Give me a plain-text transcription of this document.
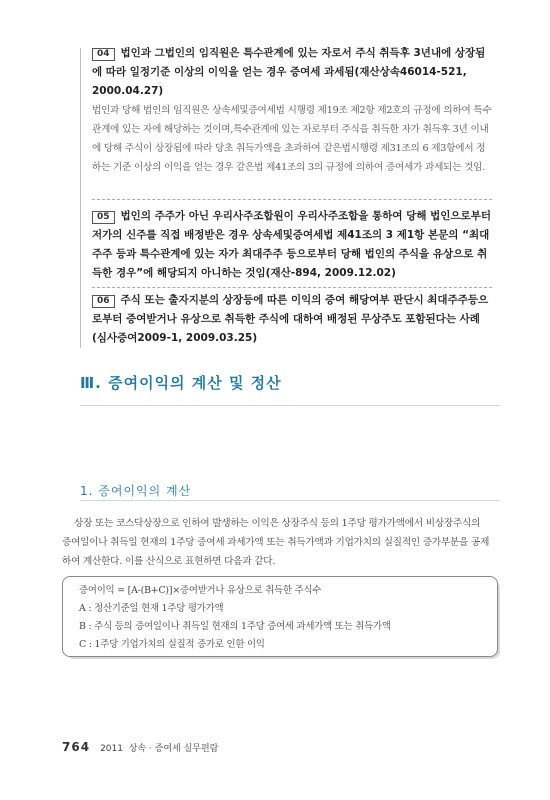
04 법인과 그법인의 임직원은 특수관계에 있는 자로서 주식 취득후 3년내에 상장됨에 따라 일정기준 이상의 이익을 얻는 경우 증여세 과세됨(재산상속46014-521, 2000.04.27)
법인과 당해 법인의 임직원은 상속세및증여세법 시행령 제19조 제2항 제2호의 규정에 의하여 특수관계에 있는 자에 해당하는 것이며,특수관계에 있는 자로부터 주식을 취득한 자가 취득후 3년 이내에 당해 주식이 상장됨에 따라 당초 취득가액을 초과하여 같은법시행령 제31조의 6 제3항에서 정하는 기준 이상의 이익을 얻는 경우 같은법 제41조의 3의 규정에 의하여 증여세가 과세되는 것임.
05 법인의 주주가 아닌 우리사주조합원이 우리사주조합을 통하여 당해 법인으로부터 저가의 신주를 직접 배정받은 경우 상속세및증여세법 제41조의 3 제1항 본문의 “최대주주 등과 특수관계에 있는 자가 최대주주 등으로부터 당해 법인의 주식을 유상으로 취득한 경우”에 해당되지 아니하는 것임(재산-894, 2009.12.02)
06 주식 또는 출자지분의 상장등에 따른 이익의 증여 해당여부 판단시 최대주주등으로부터 증여받거나 유상으로 취득한 주식에 대하여 배정된 무상주도 포함된다는 사례(심사증여2009-1, 2009.03.25)
Ⅲ. 증여이익의 계산 및 정산
1. 증여이익의 계산

상장 또는 코스닥상장으로 인하여 발생하는 이익은 상장주식 등의 1주당 평가가액에서 비상장주식의 증여일이나 취득일 현재의 1주당 증여세 과세가액 또는 취득가액과 기업가치의 실질적인 증가부분을 공제하여 계산한다. 이를 산식으로 표현하면 다음과 같다.

증여이익 = [A-(B+C)]×증여받거나 유상으로 취득한 주식수
A : 정산기준일 현재 1주당 평가가액
B : 주식 등의 증여일이나 취득일 현재의 1주당 증여세 과세가액 또는 취득가액
C : 1주당 기업가치의 실질적 증가로 인한 이익
764 2011  상속 · 증여세 실무편람
